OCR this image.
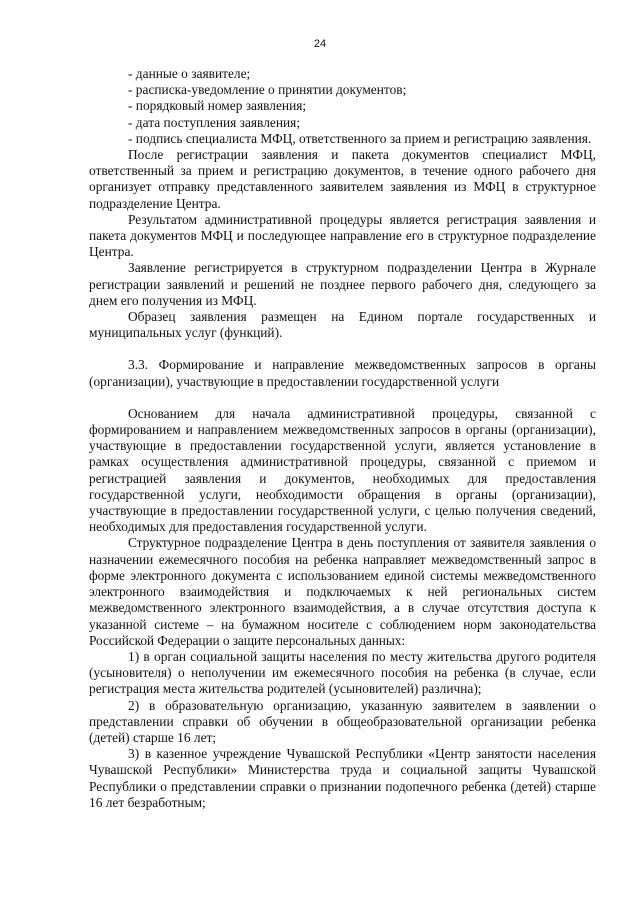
24

- данные о заявителе;

- расписка-уведомление о принятии документов;

- порядковый номер заявления;

- дата поступления заявления;

- подпись специалиста МФЦ, ответственного за прием и регистрацию заявления.

После регистрации заявления и пакета документов специалист МФЦ, ответственный за прием и регистрацию документов, в течение одного рабочего дня организует отправку представленного заявителем заявления из МФЦ в структурное подразделение Центра.

Результатом административной процедуры является регистрация заявления и пакета документов МФЦ и последующее направление его в структурное подразделение Центра.

Заявление регистрируется в структурном подразделении Центра в Журнале регистрации заявлений и решений не позднее первого рабочего дня, следующего за днем его получения из МФЦ.

Образец заявления размещен на Едином портале государственных и муниципальных услуг (функций).

3.3. Формирование и направление межведомственных запросов в органы (организации), участвующие в предоставлении государственной услуги

Основанием для начала административной процедуры, связанной с формированием и направлением межведомственных запросов в органы (организации), участвующие в предоставлении государственной услуги, является установление в рамках осуществления административной процедуры, связанной с приемом и регистрацией заявления и документов, необходимых для предоставления государственной услуги, необходимости обращения в органы (организации), участвующие в предоставлении государственной услуги, с целью получения сведений, необходимых для предоставления государственной услуги.

Структурное подразделение Центра в день поступления от заявителя заявления о назначении ежемесячного пособия на ребенка направляет межведомственный запрос в форме электронного документа с использованием единой системы межведомственного электронного взаимодействия и подключаемых к ней региональных систем межведомственного электронного взаимодействия, а в случае отсутствия доступа к указанной системе – на бумажном носителе с соблюдением норм законодательства Российской Федерации о защите персональных данных:

1) в орган социальной защиты населения по месту жительства другого родителя (усыновителя) о неполучении им ежемесячного пособия на ребенка (в случае, если регистрация места жительства родителей (усыновителей) различна);

2) в образовательную организацию, указанную заявителем в заявлении о представлении справки об обучении в общеобразовательной организации ребенка (детей) старше 16 лет;

3) в казенное учреждение Чувашской Республики «Центр занятости населения Чувашской Республики» Министерства труда и социальной защиты Чувашской Республики о представлении справки о признании подопечного ребенка (детей) старше 16 лет безработным;
